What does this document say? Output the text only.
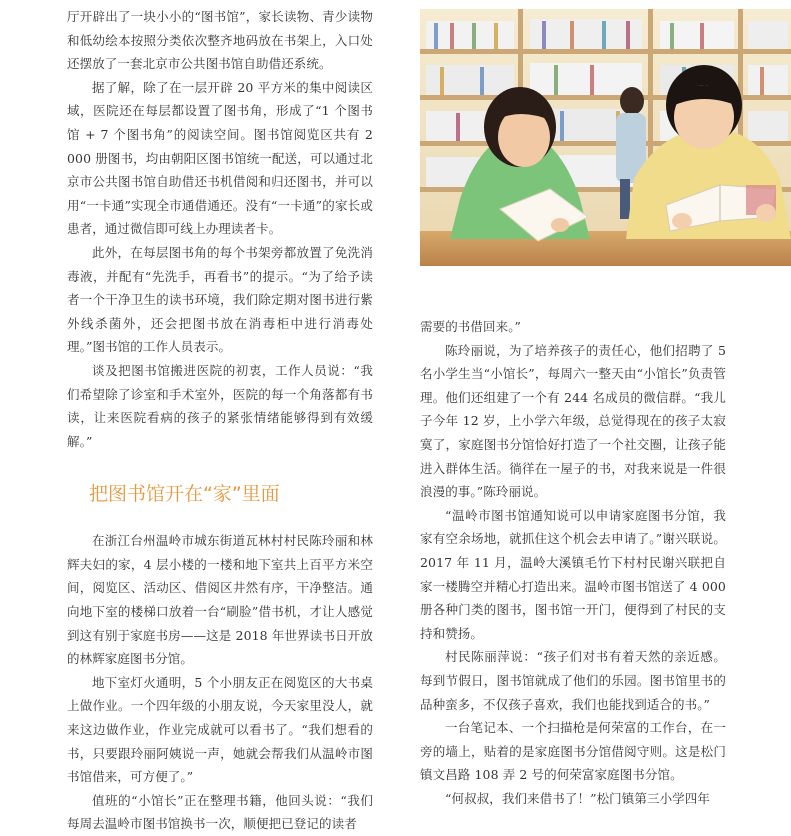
厅开辟出了一块小小的“图书馆”，家长读物、青少读物和低幼绘本按照分类依次整齐地码放在书架上，入口处还摆放了一套北京市公共图书馆自助借还系统。

据了解，除了在一层开辟 20 平方米的集中阅读区域，医院还在每层都设置了图书角，形成了“1 个图书馆 + 7 个图书角”的阅读空间。图书馆阅览区共有 2 000 册图书，均由朝阳区图书馆统一配送，可以通过北京市公共图书馆自助借还书机借阅和归还图书，并可以用“一卡通”实现全市通借通还。没有“一卡通”的家长或患者，通过微信即可线上办理读者卡。

此外，在每层图书角的每个书架旁都放置了免洗消毒液，并配有“先洗手，再看书”的提示。“为了给予读者一个干净卫生的读书环境，我们除定期对图书进行紫外线杀菌外，还会把图书放在消毒柜中进行消毒处理。”图书馆的工作人员表示。

谈及把图书馆搬进医院的初衷，工作人员说：“我们希望除了诊室和手术室外，医院的每一个角落都有书读，让来医院看病的孩子的紧张情绪能够得到有效缓解。”

把图书馆开在“家”里面

在浙江台州温岭市城东街道瓦林村村民陈玲丽和林辉夫妇的家，4 层小楼的一楼和地下室共上百平方米空间，阅览区、活动区、借阅区井然有序，干净整洁。通向地下室的楼梯口放着一台“刷脸”借书机，才让人感觉到这有别于家庭书房——这是 2018 年世界读书日开放的林辉家庭图书分馆。

地下室灯火通明，5 个小朋友正在阅览区的大书桌上做作业。一个四年级的小朋友说，今天家里没人，就来这边做作业，作业完成就可以看书了。“我们想看的书，只要跟玲丽阿姨说一声，她就会帮我们从温岭市图书馆借来，可方便了。”

值班的“小馆长”正在整理书籍，他回头说：“我们每周去温岭市图书馆换书一次，顺便把已登记的读者

需要的书借回来。”

陈玲丽说，为了培养孩子的责任心，他们招聘了 5 名小学生当“小馆长”，每周六一整天由“小馆长”负责管理。他们还组建了一个有 244 名成员的微信群。“我儿子今年 12 岁，上小学六年级，总觉得现在的孩子太寂寞了，家庭图书分馆恰好打造了一个社交圈，让孩子能进入群体生活。徜徉在一屋子的书，对我来说是一件很浪漫的事。”陈玲丽说。

“温岭市图书馆通知说可以申请家庭图书分馆，我家有空余场地，就抓住这个机会去申请了。”谢兴联说。2017 年 11 月，温岭大溪镇毛竹下村村民谢兴联把自家一楼腾空并精心打造出来。温岭市图书馆送了 4 000 册各种门类的图书，图书馆一开门，便得到了村民的支持和赞扬。

村民陈丽萍说：“孩子们对书有着天然的亲近感。每到节假日，图书馆就成了他们的乐园。图书馆里书的品种蛮多，不仅孩子喜欢，我们也能找到适合的书。”

一台笔记本、一个扫描枪是何荣富的工作台，在一旁的墙上，贴着的是家庭图书分馆借阅守则。这是松门镇文昌路 108 弄 2 号的何荣富家庭图书分馆。

“何叔叔，我们来借书了！”松门镇第三小学四年
